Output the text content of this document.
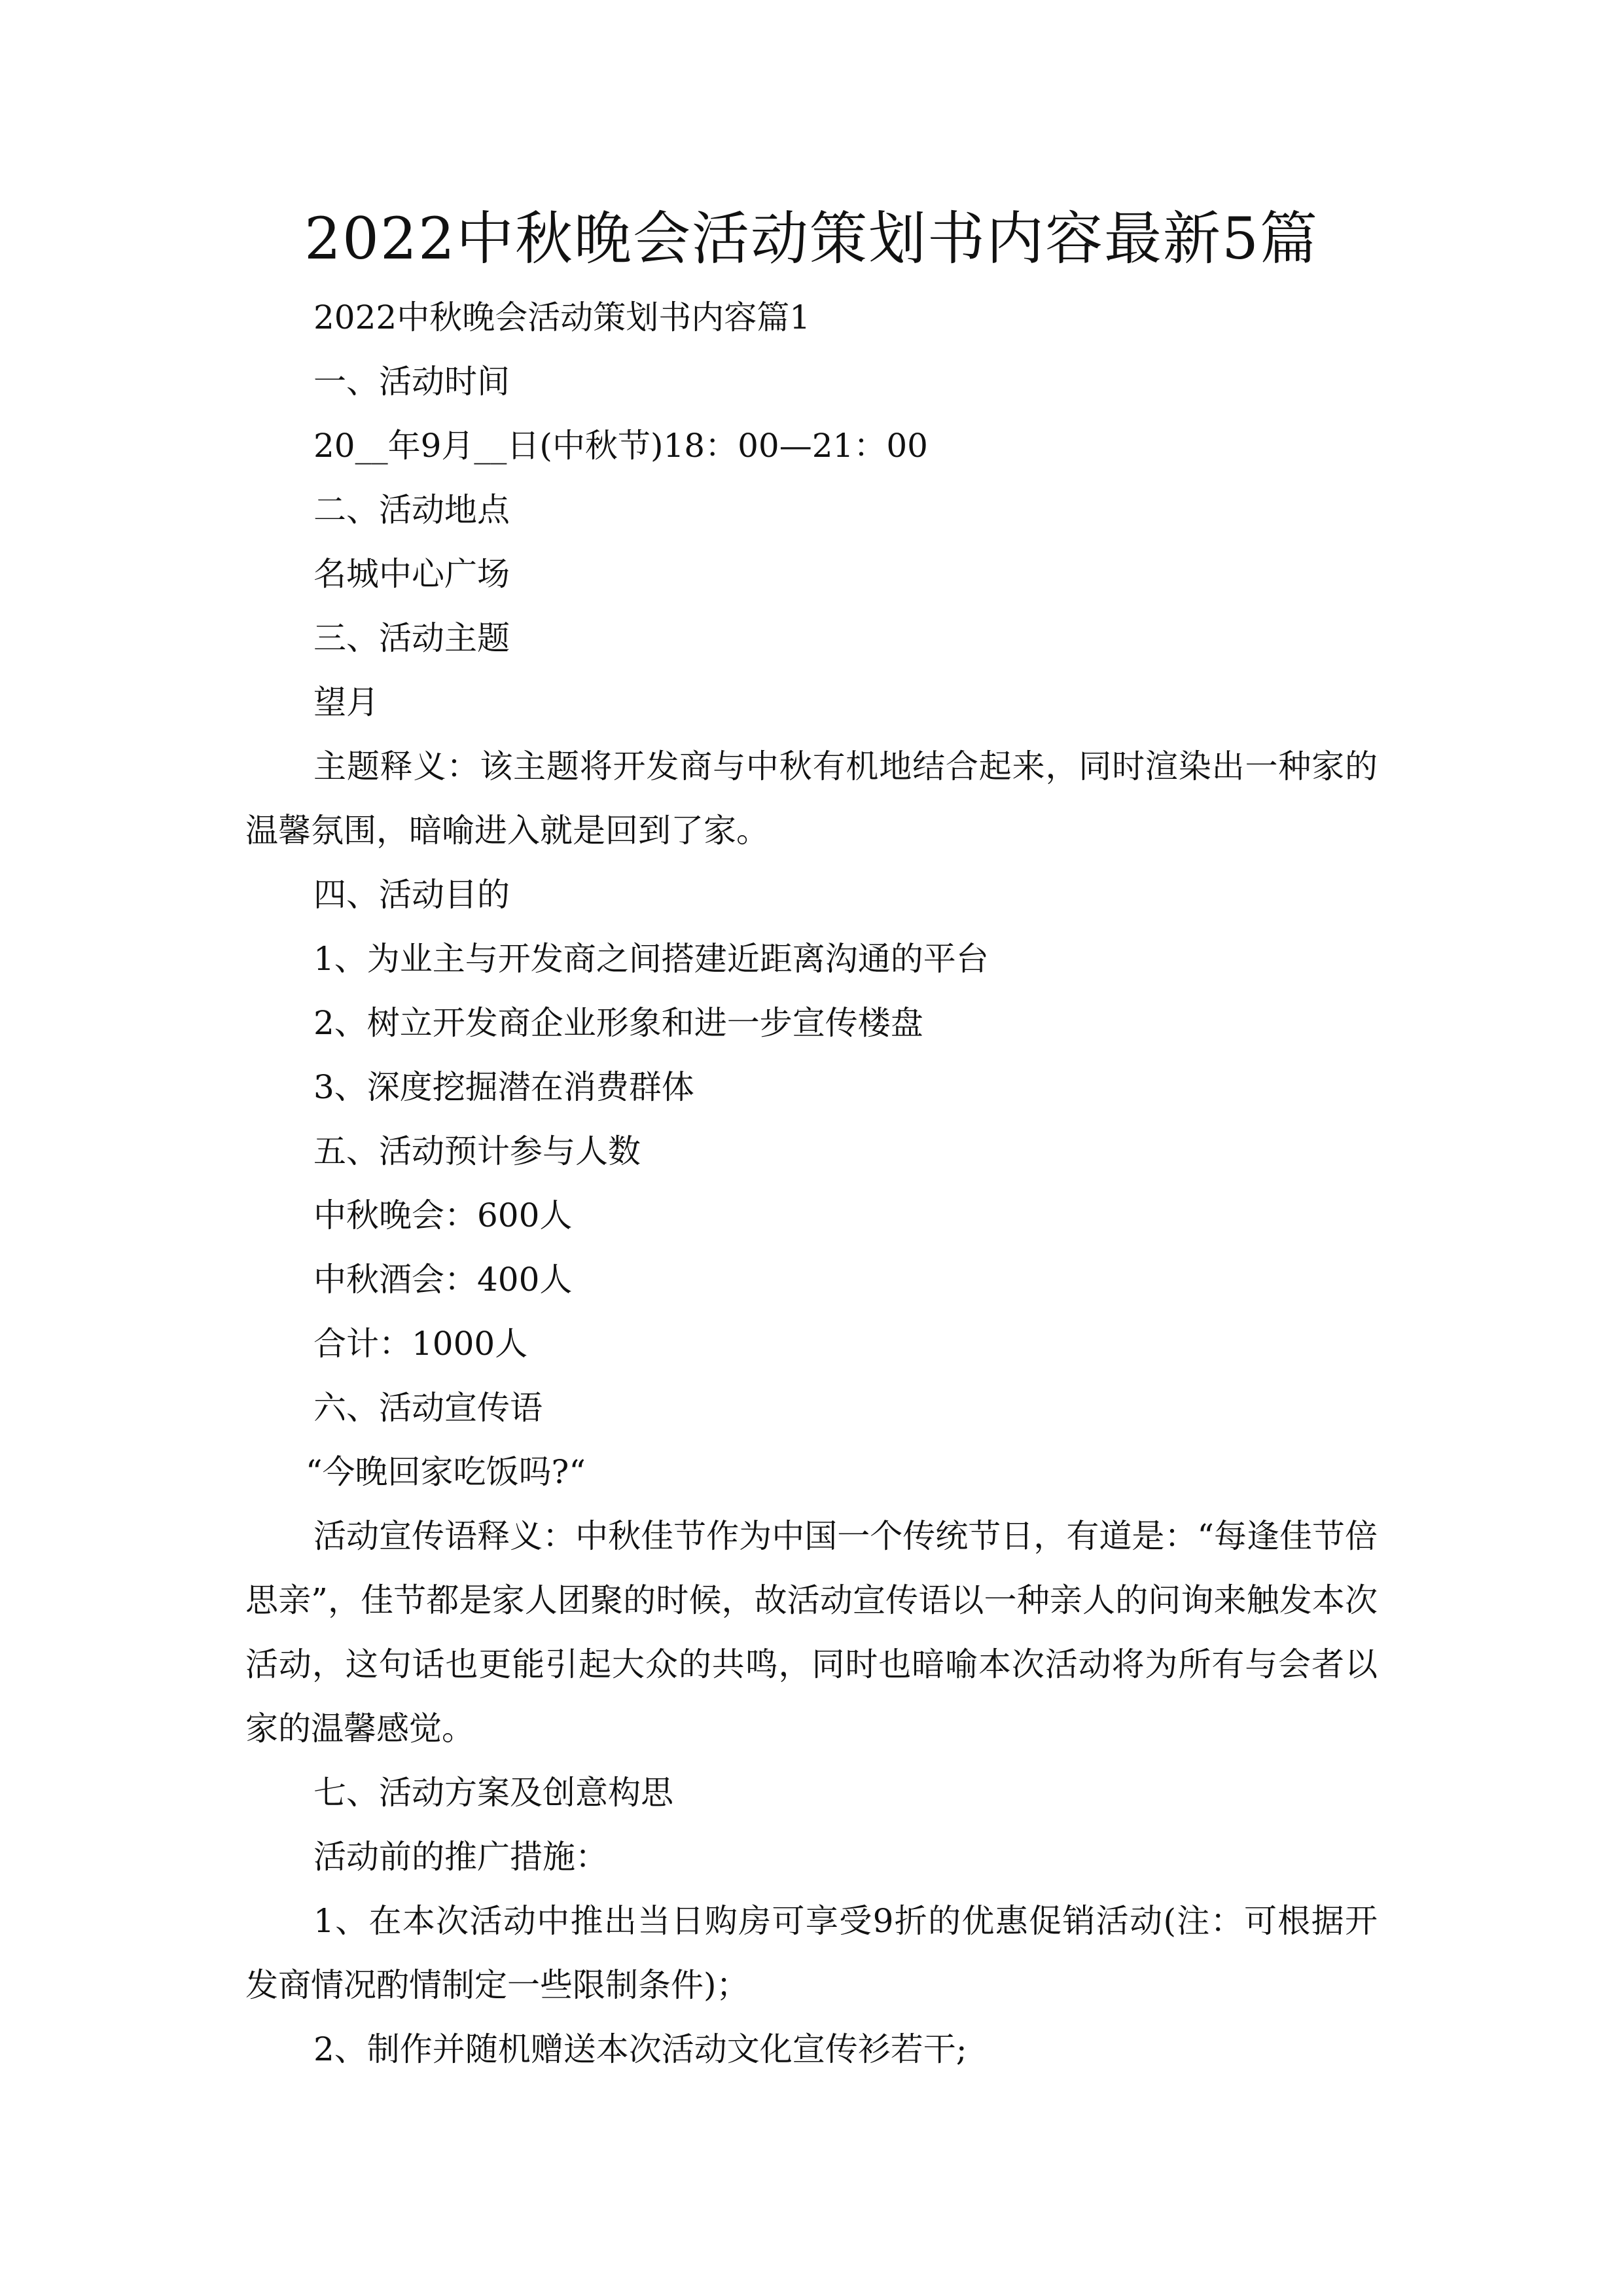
2022中秋晚会活动策划书内容最新5篇

2022中秋晚会活动策划书内容篇1

一、活动时间

20__年9月__日(中秋节)18：00—21：00

二、活动地点

名城中心广场

三、活动主题

望月

主题释义：该主题将开发商与中秋有机地结合起来，同时渲染出一种家的温馨氛围，暗喻进入就是回到了家。

四、活动目的

1、为业主与开发商之间搭建近距离沟通的平台

2、树立开发商企业形象和进一步宣传楼盘

3、深度挖掘潜在消费群体

五、活动预计参与人数

中秋晚会：600人

中秋酒会：400人

合计：1000人

六、活动宣传语

“今晚回家吃饭吗?“

活动宣传语释义：中秋佳节作为中国一个传统节日，有道是：“每逢佳节倍思亲”，佳节都是家人团聚的时候，故活动宣传语以一种亲人的问询来触发本次活动，这句话也更能引起大众的共鸣，同时也暗喻本次活动将为所有与会者以家的温馨感觉。

七、活动方案及创意构思

活动前的推广措施：

1、在本次活动中推出当日购房可享受9折的优惠促销活动(注：可根据开发商情况酌情制定一些限制条件)；

2、制作并随机赠送本次活动文化宣传衫若干;
